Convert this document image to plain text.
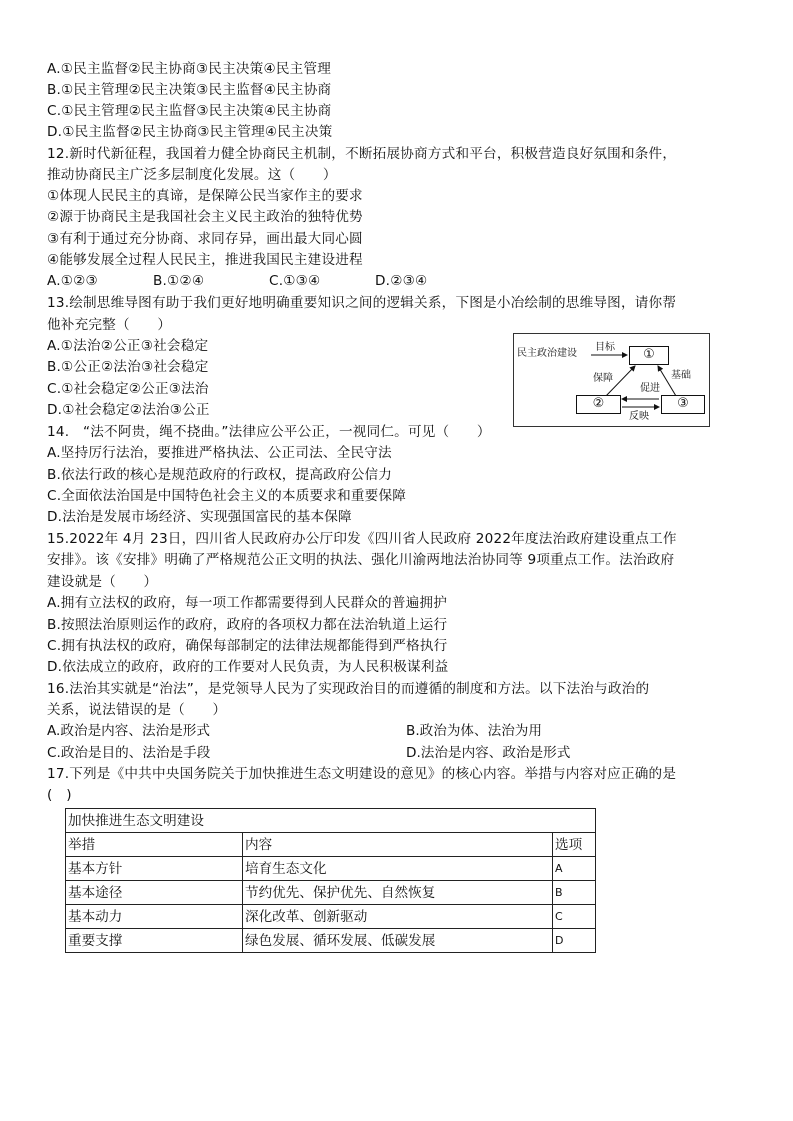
A.①民主监督②民主协商③民主决策④民主管理
B.①民主管理②民主决策③民主监督④民主协商
C.①民主管理②民主监督③民主决策④民主协商
D.①民主监督②民主协商③民主管理④民主决策
12.新时代新征程，我国着力健全协商民主机制，不断拓展协商方式和平台，积极营造良好氛围和条件，
推动协商民主广泛多层制度化发展。这（　　）
①体现人民民主的真谛，是保障公民当家作主的要求
②源于协商民主是我国社会主义民主政治的独特优势
③有利于通过充分协商、求同存异，画出最大同心圆
④能够发展全过程人民民主，推进我国民主建设进程
A.①②③	B.①②④	C.①③④	D.②③④
13.绘制思维导图有助于我们更好地明确重要知识之间的逻辑关系，下图是小冶绘制的思维导图，请你帮
他补充完整（　　）
A.①法治②公正③社会稳定
B.①公正②法治③社会稳定
C.①社会稳定②公正③法治
D.①社会稳定②法治③公正
民主政治建设
目标	①
保障
促进
基础
②	③
反映
14.　“法不阿贵，绳不挠曲。”法律应公平公正，一视同仁。可见（　　）
A.坚持厉行法治，要推进严格执法、公正司法、全民守法
B.依法行政的核心是规范政府的行政权，提高政府公信力
C.全面依法治国是中国特色社会主义的本质要求和重要保障
D.法治是发展市场经济、实现强国富民的基本保障
15.2022年 4月 23日，四川省人民政府办公厅印发《四川省人民政府 2022年度法治政府建设重点工作
安排》。该《安排》明确了严格规范公正文明的执法、强化川渝两地法治协同等 9项重点工作。法治政府
建设就是（　　）
A.拥有立法权的政府，每一项工作都需要得到人民群众的普遍拥护
B.按照法治原则运作的政府，政府的各项权力都在法治轨道上运行
C.拥有执法权的政府，确保每部制定的法律法规都能得到严格执行
D.依法成立的政府，政府的工作要对人民负责，为人民积极谋利益
16.法治其实就是“治法”，是党领导人民为了实现政治目的而遵循的制度和方法。以下法治与政治的
关系，说法错误的是（　　）
A.政治是内容、法治是形式	B.政治为体、法治为用
C.政治是目的、法治是手段	D.法治是内容、政治是形式
17.下列是《中共中央国务院关于加快推进生态文明建设的意见》的核心内容。举措与内容对应正确的是
(　)
加快推进生态文明建设		
举措	内容	选项
基本方针	培育生态文化	A
基本途径	节约优先、保护优先、自然恢复	B
基本动力	深化改革、创新驱动	C
重要支撑	绿色发展、循环发展、低碳发展	D
